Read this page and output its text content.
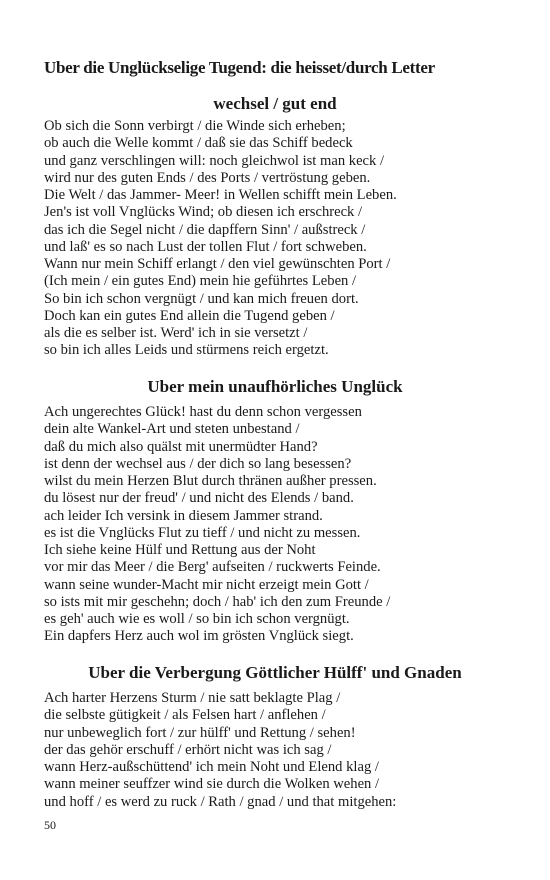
Uber die Unglückselige Tugend: die heisset/durch Letter
wechsel / gut end
Ob sich die Sonn verbirgt / die Winde sich erheben;
ob auch die Welle kommt / daß sie das Schiff bedeck
und ganz verschlingen will: noch gleichwol ist man keck /
wird nur des guten Ends / des Ports / vertröstung geben.
Die Welt / das Jammer- Meer! in Wellen schifft mein Leben.
Jen's ist voll Vnglücks Wind; ob diesen ich erschreck /
das ich die Segel nicht / die dapffern Sinn' / außstreck /
und laß' es so nach Lust der tollen Flut / fort schweben.
Wann nur mein Schiff erlangt / den viel gewünschten Port /
(Ich mein / ein gutes End) mein hie geführtes Leben /
So bin ich schon vergnügt / und kan mich freuen dort.
Doch kan ein gutes End allein die Tugend geben /
als die es selber ist. Werd' ich in sie versetzt /
so bin ich alles Leids und stürmens reich ergetzt.
Uber mein unaufhörliches Unglück
Ach ungerechtes Glück! hast du denn schon vergessen
dein alte Wankel-Art und steten unbestand /
daß du mich also quälst mit unermüdter Hand?
ist denn der wechsel aus / der dich so lang besessen?
wilst du mein Herzen Blut durch thränen außher pressen.
du lösest nur der freud' / und nicht des Elends / band.
ach leider Ich versink in diesem Jammer strand.
es ist die Vnglücks Flut zu tieff / und nicht zu messen.
Ich siehe keine Hülf und Rettung aus der Noht
vor mir das Meer / die Berg' aufseiten / ruckwerts Feinde.
wann seine wunder-Macht mir nicht erzeigt mein Gott /
so ists mit mir geschehn; doch / hab' ich den zum Freunde /
es geh' auch wie es woll / so bin ich schon vergnügt.
Ein dapfers Herz auch wol im grösten Vnglück siegt.
Uber die Verbergung Göttlicher Hülff' und Gnaden
Ach harter Herzens Sturm / nie satt beklagte Plag /
die selbste gütigkeit / als Felsen hart / anflehen /
nur unbeweglich fort / zur hülff' und Rettung / sehen!
der das gehör erschuff / erhört nicht was ich sag /
wann Herz-außschüttend' ich mein Noht und Elend klag /
wann meiner seuffzer wind sie durch die Wolken wehen /
und hoff / es werd zu ruck / Rath / gnad / und that mitgehen:
50
